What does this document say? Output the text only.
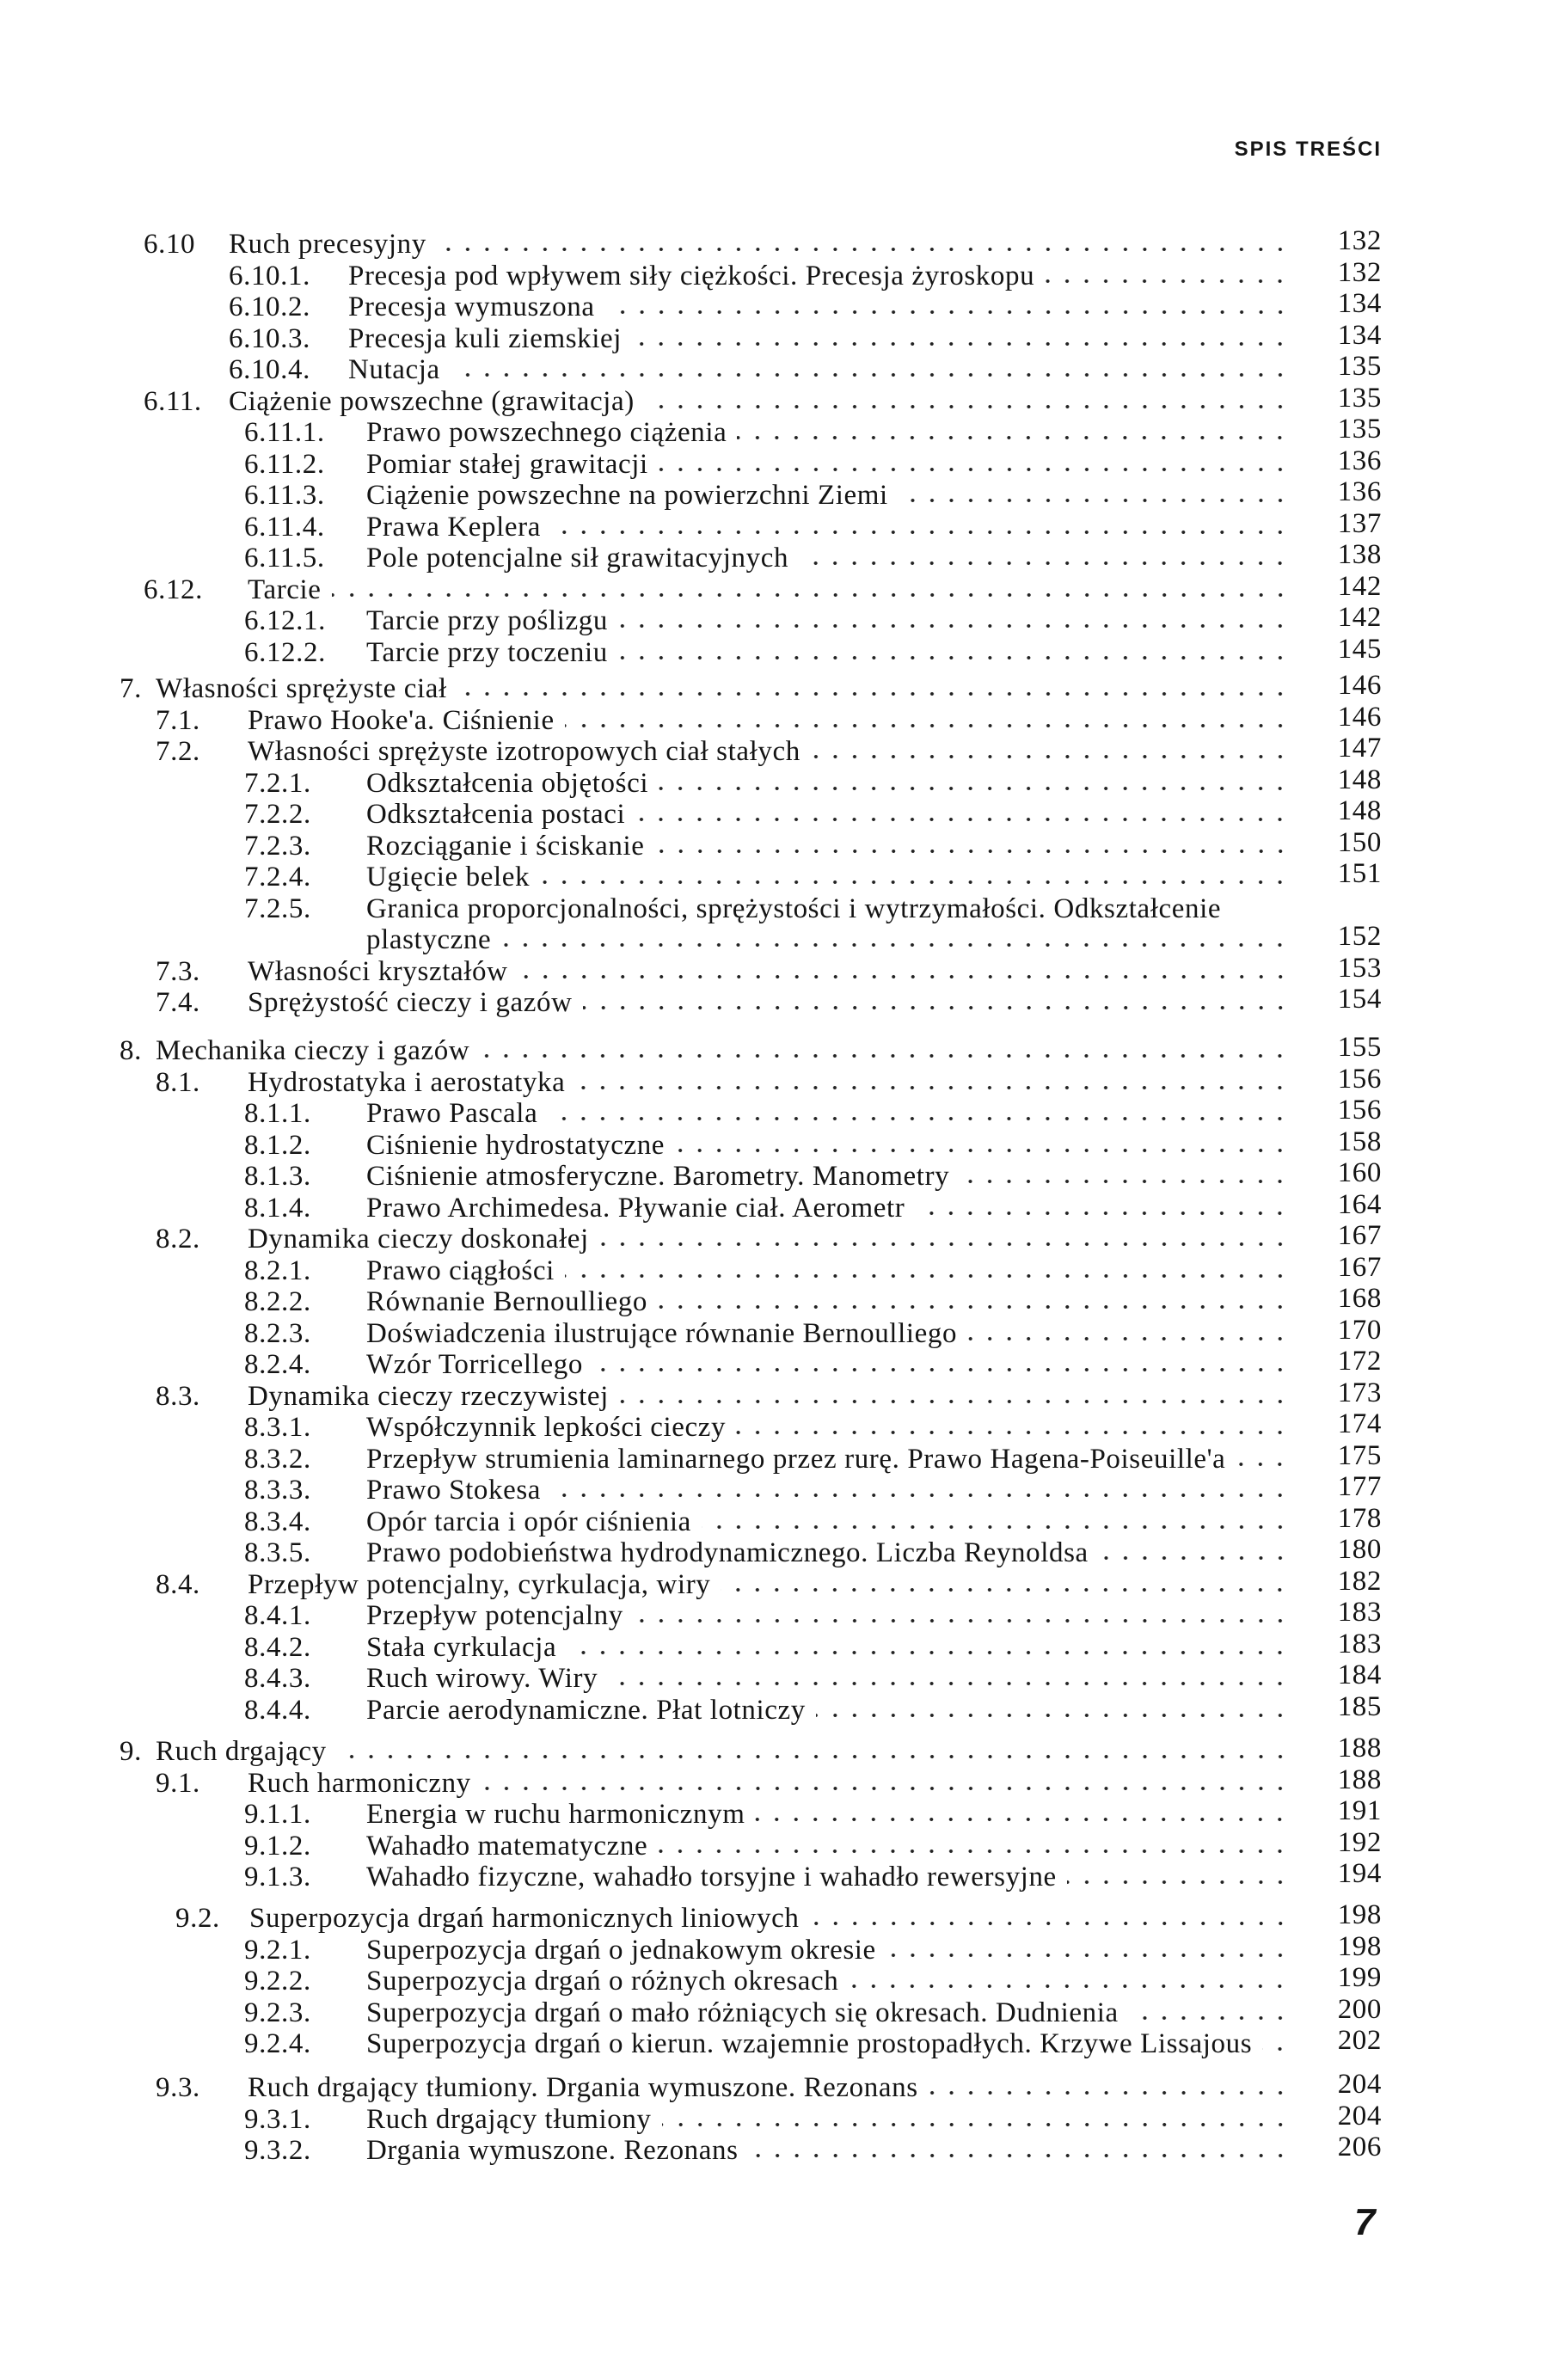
SPIS TREŚCI
6.10 Ruch precesyjny	132
6.10.1. Precesja pod wpływem siły ciężkości. Precesja żyroskopu	132
6.10.2. Precesja wymuszona	134
6.10.3. Precesja kuli ziemskiej	134
6.10.4. Nutacja	135
6.11. Ciążenie powszechne (grawitacja)	135
6.11.1. Prawo powszechnego ciążenia	135
6.11.2. Pomiar stałej grawitacji	136
6.11.3. Ciążenie powszechne na powierzchni Ziemi	136
6.11.4. Prawa Keplera	137
6.11.5. Pole potencjalne sił grawitacyjnych	138
6.12. Tarcie	142
6.12.1. Tarcie przy poślizgu	142
6.12.2. Tarcie przy toczeniu	145
7. Własności sprężyste ciał	146
7.1. Prawo Hooke'a. Ciśnienie	146
7.2. Własności sprężyste izotropowych ciał stałych	147
7.2.1. Odkształcenia objętości	148
7.2.2. Odkształcenia postaci	148
7.2.3. Rozciąganie i ściskanie	150
7.2.4. Ugięcie belek	151
7.2.5. Granica proporcjonalności, sprężystości i wytrzymałości. Odkształcenie
plastyczne	152
7.3. Własności kryształów	153
7.4. Sprężystość cieczy i gazów	154
8. Mechanika cieczy i gazów	155
8.1. Hydrostatyka i aerostatyka	156
8.1.1. Prawo Pascala	156
8.1.2. Ciśnienie hydrostatyczne	158
8.1.3. Ciśnienie atmosferyczne. Barometry. Manometry	160
8.1.4. Prawo Archimedesa. Pływanie ciał. Aerometr	164
8.2. Dynamika cieczy doskonałej	167
8.2.1. Prawo ciągłości	167
8.2.2. Równanie Bernoulliego	168
8.2.3. Doświadczenia ilustrujące równanie Bernoulliego	170
8.2.4. Wzór Torricellego	172
8.3. Dynamika cieczy rzeczywistej	173
8.3.1. Współczynnik lepkości cieczy	174
8.3.2. Przepływ strumienia laminarnego przez rurę. Prawo Hagena-Poiseuille'a	175
8.3.3. Prawo Stokesa	177
8.3.4. Opór tarcia i opór ciśnienia	178
8.3.5. Prawo podobieństwa hydrodynamicznego. Liczba Reynoldsa	180
8.4. Przepływ potencjalny, cyrkulacja, wiry	182
8.4.1. Przepływ potencjalny	183
8.4.2. Stała cyrkulacja	183
8.4.3. Ruch wirowy. Wiry	184
8.4.4. Parcie aerodynamiczne. Płat lotniczy	185
9. Ruch drgający	188
9.1. Ruch harmoniczny	188
9.1.1. Energia w ruchu harmonicznym	191
9.1.2. Wahadło matematyczne	192
9.1.3. Wahadło fizyczne, wahadło torsyjne i wahadło rewersyjne	194
9.2. Superpozycja drgań harmonicznych liniowych	198
9.2.1. Superpozycja drgań o jednakowym okresie	198
9.2.2. Superpozycja drgań o różnych okresach	199
9.2.3. Superpozycja drgań o mało różniących się okresach. Dudnienia	200
9.2.4. Superpozycja drgań o kierun. wzajemnie prostopadłych. Krzywe Lissajous	202
9.3. Ruch drgający tłumiony. Drgania wymuszone. Rezonans	204
9.3.1. Ruch drgający tłumiony	204
9.3.2. Drgania wymuszone. Rezonans	206
7
